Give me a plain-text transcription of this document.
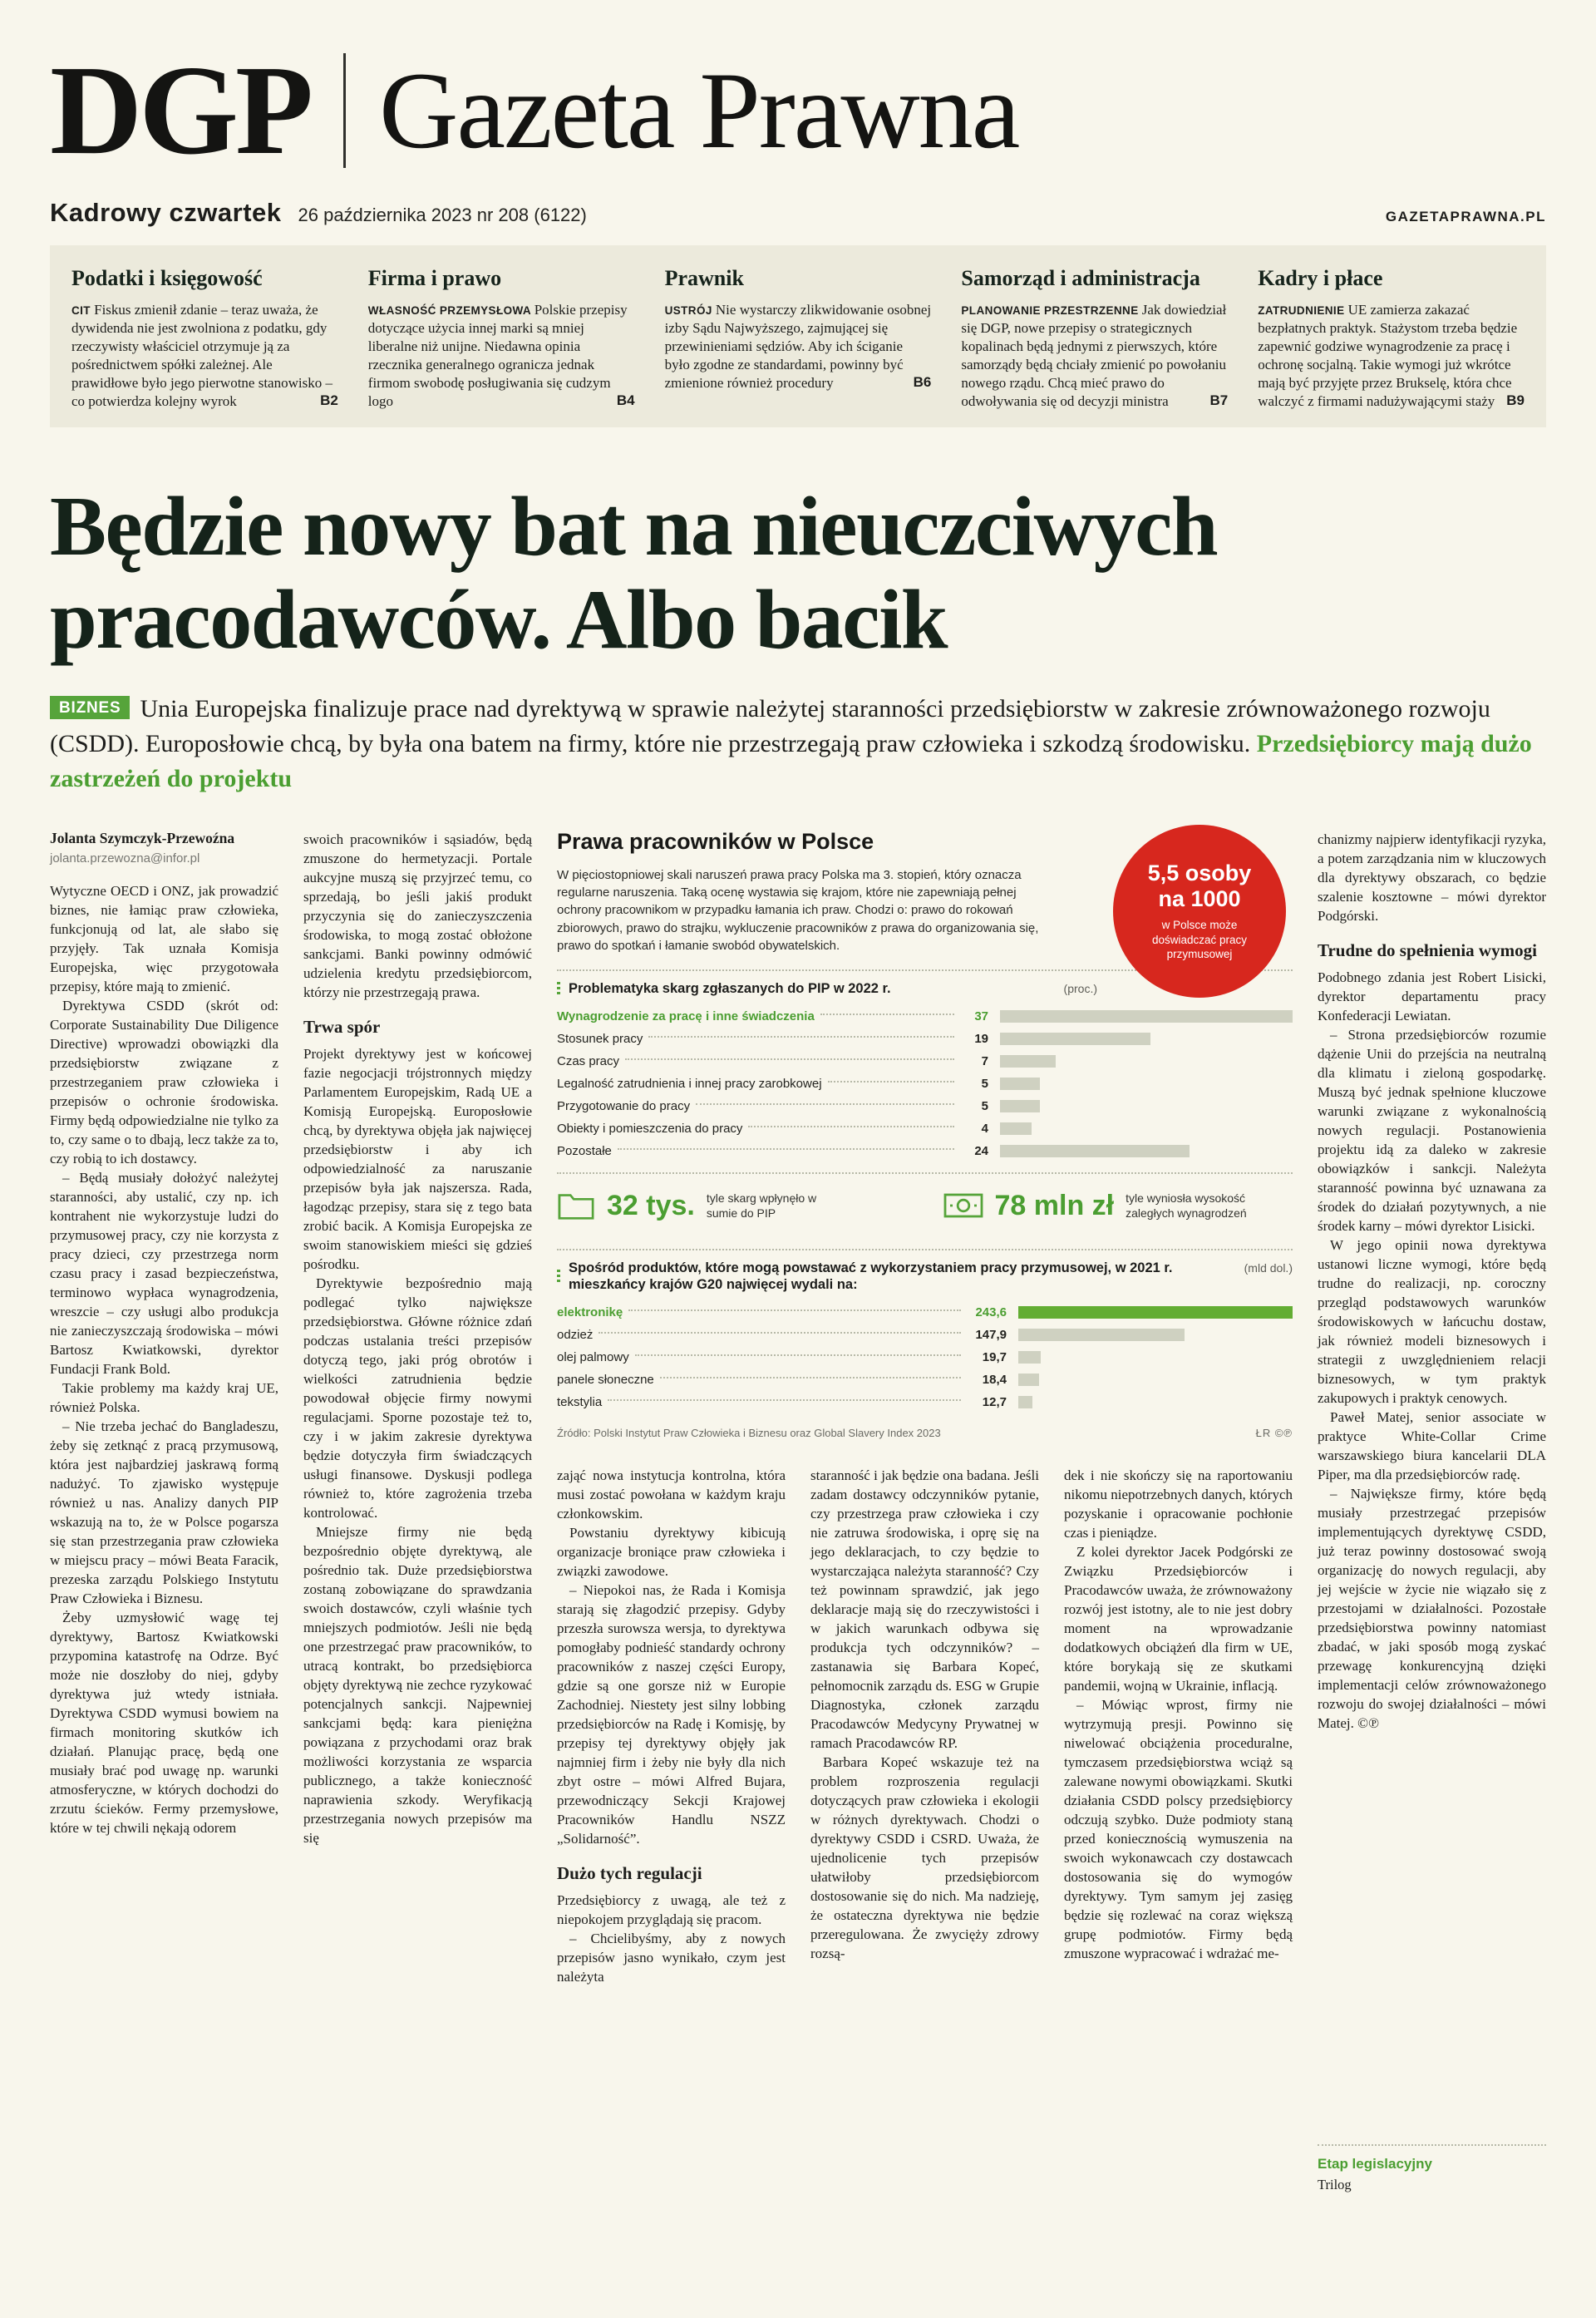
DGP Gazeta Prawna
Kadrowy czwartek 26 października 2023 nr 208 (6122)	GAZETAPRAWNA.PL
Podatki i księgowość

CIT Fiskus zmienił zdanie – teraz uważa, że dywidenda nie jest zwolniona z podatku, gdy rzeczywisty właściciel otrzymuje ją za pośrednictwem spółki zależnej. Ale prawidłowe było jego pierwotne stanowisko – co potwierdza kolejny wyrok	B2

Firma i prawo

WŁASNOŚĆ PRZEMYSŁOWA Polskie przepisy dotyczące użycia innej marki są mniej liberalne niż unijne. Niedawna opinia rzecznika generalnego ogranicza jednak firmom swobodę posługiwania się cudzym logo	B4

Prawnik

USTRÓJ Nie wystarczy zlikwidowanie osobnej izby Sądu Najwyższego, zajmującej się przewinieniami sędziów. Aby ich ściganie było zgodne ze standardami, powinny być zmienione również procedury	B6

Samorząd i administracja

PLANOWANIE PRZESTRZENNE Jak dowiedział się DGP, nowe przepisy o strategicznych kopalinach będą jednymi z pierwszych, które samorządy będą chciały zmienić po powołaniu nowego rządu. Chcą mieć prawo do odwoływania się od decyzji ministra	B7

Kadry i płace

ZATRUDNIENIE UE zamierza zakazać bezpłatnych praktyk. Stażystom trzeba będzie zapewnić godziwe wynagrodzenie za pracę i ochronę socjalną. Takie wymogi już wkrótce mają być przyjęte przez Brukselę, która chce walczyć z firmami nadużywającymi staży B9

Będzie nowy bat na nieuczciwych
pracodawców. Albo bacik

BIZNES Unia Europejska finalizuje prace nad dyrektywą w sprawie należytej staranności przedsiębiorstw w zakresie zrównoważonego rozwoju (CSDD). Europosłowie chcą, by była ona batem na firmy, które nie przestrzegają praw człowieka i szkodzą środowisku. Przedsiębiorcy mają dużo zastrzeżeń do projektu

Jolanta Szymczyk-Przewoźna
jolanta.przewozna@infor.pl

Wytyczne OECD i ONZ, jak prowadzić biznes, nie łamiąc praw człowieka, funkcjonują od lat, ale słabo się przyjęły. Tak uznała Komisja Europejska, więc przygotowała przepisy, które mają to zmienić.

Dyrektywa CSDD (skrót od: Corporate Sustainability Due Diligence Directive) wprowadzi obowiązki dla przedsiębiorstw związane z przestrzeganiem praw człowieka i przepisów o ochronie środowiska. Firmy będą odpowiedzialne nie tylko za to, czy same o to dbają, lecz także za to, czy robią to ich dostawcy.

– Będą musiały dołożyć należytej staranności, aby ustalić, czy np. ich kontrahent nie wykorzystuje ludzi do przymusowej pracy, czy nie korzysta z pracy dzieci, czy przestrzega norm czasu pracy i zasad bezpieczeństwa, terminowo wypłaca wynagrodzenia, wreszcie – czy usługi albo produkcja nie zanieczyszczają środowiska – mówi Bartosz Kwiatkowski, dyrektor Fundacji Frank Bold.

Takie problemy ma każdy kraj UE, również Polska.

– Nie trzeba jechać do Bangladeszu, żeby się zetknąć z pracą przymusową, która jest najbardziej jaskrawą formą nadużyć. To zjawisko występuje również u nas. Analizy danych PIP wskazują na to, że w Polsce pogarsza się stan przestrzegania praw człowieka w miejscu pracy – mówi Beata Faracik, prezeska zarządu Polskiego Instytutu Praw Człowieka i Biznesu.

Żeby uzmysłowić wagę tej dyrektywy, Bartosz Kwiatkowski przypomina katastrofę na Odrze. Być może nie doszłoby do niej, gdyby dyrektywa już wtedy istniała. Dyrektywa CSDD wymusi bowiem na firmach monitoring skutków ich działań. Planując pracę, będą one musiały brać pod uwagę np. warunki atmosferyczne, w których dochodzi do zrzutu ścieków. Fermy przemysłowe, które w tej chwili nękają odorem

swoich pracowników i sąsiadów, będą zmuszone do hermetyzacji. Portale aukcyjne muszą się przyjrzeć temu, co sprzedają, bo jeśli jakiś produkt przyczynia się do zanieczyszczenia środowiska, to mogą zostać obłożone sankcjami. Banki powinny odmówić udzielenia kredytu przedsiębiorcom, którzy nie przestrzegają prawa.

Trwa spór

Projekt dyrektywy jest w końcowej fazie negocjacji trójstronnych między Parlamentem Europejskim, Radą UE a Komisją Europejską. Europosłowie chcą, by dyrektywa objęła jak najwięcej przedsiębiorstw i aby ich odpowiedzialność za naruszanie przepisów była jak najszersza. Rada, łagodząc przepisy, stara się z tego bata zrobić bacik. A Komisja Europejska ze swoim stanowiskiem mieści się gdzieś pośrodku.

Dyrektywie bezpośrednio mają podlegać tylko największe przedsiębiorstwa. Główne różnice zdań podczas ustalania treści przepisów dotyczą tego, jaki próg obrotów i wielkości zatrudnienia będzie powodował objęcie firmy nowymi regulacjami. Sporne pozostaje też to, czy i w jakim zakresie dyrektywa będzie dotyczyła firm świadczących usługi finansowe. Dyskusji podlega również to, które zagrożenia trzeba kontrolować.

Mniejsze firmy nie będą bezpośrednio objęte dyrektywą, ale pośrednio tak. Duże przedsiębiorstwa zostaną zobowiązane do sprawdzania swoich dostawców, czyli właśnie tych mniejszych podmiotów. Jeśli nie będą one przestrzegać praw pracowników, to utracą kontrakt, bo przedsiębiorca objęty dyrektywą nie zechce ryzykować potencjalnych sankcji. Najpewniej sankcjami będą: kara pieniężna powiązana z przychodami oraz brak możliwości korzystania ze wsparcia publicznego, a także konieczność naprawienia szkody. Weryfikacją przestrzegania nowych przepisów ma się

Prawa pracowników w Polsce

W pięciostopniowej skali naruszeń prawa pracy Polska ma 3. stopień, który oznacza regularne naruszenia. Taką ocenę wystawia się krajom, które nie zapewniają pełnej ochrony pracownikom w przypadku łamania ich praw. Chodzi o: prawo do rokowań zbiorowych, prawo do strajku, wykluczenie pracowników z prawa do organizowania się, prawo do spotkań i łamanie swobód obywatelskich.

5,5 osoby
na 1000
w Polsce może doświadczać pracy przymusowej
Problematyka skarg zgłaszanych do PIP w 2022 r.	(proc.)
Wynagrodzenie za pracę i inne świadczenia	37
Stosunek pracy	19
Czas pracy	7
Legalność zatrudnienia i innej pracy zarobkowej	5
Przygotowanie do pracy	5
Obiekty i pomieszczenia do pracy	4
Pozostałe	24
32 tys. tyle skarg wpłynęło w sumie do PIP	78 mln zł tyle wyniosła wysokość zaległych wynagrodzeń
Spośród produktów, które mogą powstawać z wykorzystaniem pracy przymusowej, w 2021 r. mieszkańcy krajów G20 najwięcej wydali na:
(mld dol.)
elektronikę	243,6
odzież	147,9
olej palmowy	19,7
panele słoneczne	18,4
tekstylia	12,7
Źródło: Polski Instytut Praw Człowieka i Biznesu oraz Global Slavery Index 2023	ŁR ©℗

zająć nowa instytucja kontrolna, która musi zostać powołana w każdym kraju członkowskim.

Powstaniu dyrektywy kibicują organizacje broniące praw człowieka i związki zawodowe.

– Niepokoi nas, że Rada i Komisja starają się złagodzić przepisy. Gdyby przeszła surowsza wersja, to dyrektywa pomogłaby podnieść standardy ochrony pracowników z naszej części Europy, gdzie są one gorsze niż w Europie Zachodniej. Niestety jest silny lobbing przedsiębiorców na Radę i Komisję, by przepisy tej dyrektywy objęły jak najmniej firm i żeby nie były dla nich zbyt ostre – mówi Alfred Bujara, przewodniczący Sekcji Krajowej Pracowników Handlu NSZZ „Solidarność”.

Dużo tych regulacji

Przedsiębiorcy z uwagą, ale też z niepokojem przyglądają się pracom.

– Chcielibyśmy, aby z nowych przepisów jasno wynikało, czym jest należyta

staranność i jak będzie ona badana. Jeśli zadam dostawcy odczynników pytanie, czy przestrzega praw człowieka i czy nie zatruwa środowiska, i oprę się na jego deklaracjach, to czy będzie to wystarczająca należyta staranność? Czy też powinnam sprawdzić, jak jego deklaracje mają się do rzeczywistości i w jakich warunkach odbywa się produkcja tych odczynników? – zastanawia się Barbara Kopeć, pełnomocnik zarządu ds. ESG w Grupie Diagnostyka, członek zarządu Pracodawców Medycyny Prywatnej w ramach Pracodawców RP.

Barbara Kopeć wskazuje też na problem rozproszenia regulacji dotyczących praw człowieka i ekologii w różnych dyrektywach. Chodzi o dyrektywy CSDD i CSRD. Uważa, że ujednolicenie tych przepisów ułatwiłoby przedsiębiorcom dostosowanie się do nich. Ma nadzieję, że ostateczna dyrektywa nie będzie przeregulowana. Że zwycięży zdrowy rozsą-

dek i nie skończy się na raportowaniu nikomu niepotrzebnych danych, których pozyskanie i opracowanie pochłonie czas i pieniądze.

Z kolei dyrektor Jacek Podgórski ze Związku Przedsiębiorców i Pracodawców uważa, że zrównoważony rozwój jest istotny, ale to nie jest dobry moment na wprowadzanie dodatkowych obciążeń dla firm w UE, które borykają się ze skutkami pandemii, wojną w Ukrainie, inflacją.

– Mówiąc wprost, firmy nie wytrzymują presji. Powinno się niwelować obciążenia proceduralne, tymczasem przedsiębiorstwa wciąż są zalewane nowymi obowiązkami. Skutki działania CSDD polscy przedsiębiorcy odczują szybko. Duże podmioty staną przed koniecznością wymuszenia na swoich wykonawcach czy dostawcach dostosowania się do wymogów dyrektywy. Tym samym jej zasięg będzie się rozlewać na coraz większą grupę podmiotów. Firmy będą zmuszone wypracować i wdrażać me-

chanizmy najpierw identyfikacji ryzyka, a potem zarządzania nim w kluczowych dla dyrektywy obszarach, co będzie szalenie kosztowne – mówi dyrektor Podgórski.

Trudne do spełnienia wymogi

Podobnego zdania jest Robert Lisicki, dyrektor departamentu pracy Konfederacji Lewiatan.

– Strona przedsiębiorców rozumie dążenie Unii do przejścia na neutralną dla klimatu i zieloną gospodarkę. Muszą być jednak spełnione kluczowe warunki związane z wykonalnością nowych regulacji. Postanowienia projektu idą za daleko w zakresie obowiązków i sankcji. Należyta staranność powinna być uznawana za środek do działań pozytywnych, a nie środek karny – mówi dyrektor Lisicki.

W jego opinii nowa dyrektywa ustanowi liczne wymogi, które będą trudne do realizacji, np. coroczny przegląd podstawowych warunków środowiskowych w łańcuchu dostaw, jak również modeli biznesowych i strategii z uwzględnieniem relacji biznesowych, w tym praktyk zakupowych i praktyk cenowych.

Paweł Matej, senior associate w praktyce White-Collar Crime warszawskiego biura kancelarii DLA Piper, ma dla przedsiębiorców radę.

– Największe firmy, które będą musiały przestrzegać przepisów implementujących dyrektywę CSDD, już teraz powinny dostosować swoją organizację do nowych regulacji, aby jej wejście w życie nie wiązało się z przestojami w działalności. Pozostałe przedsiębiorstwa powinny natomiast zbadać, w jaki sposób mogą zyskać przewagę konkurencyjną dzięki implementacji celów zrównoważonego rozwoju do swojej działalności – mówi Matej. ©℗

Etap legislacyjny
Trilog
